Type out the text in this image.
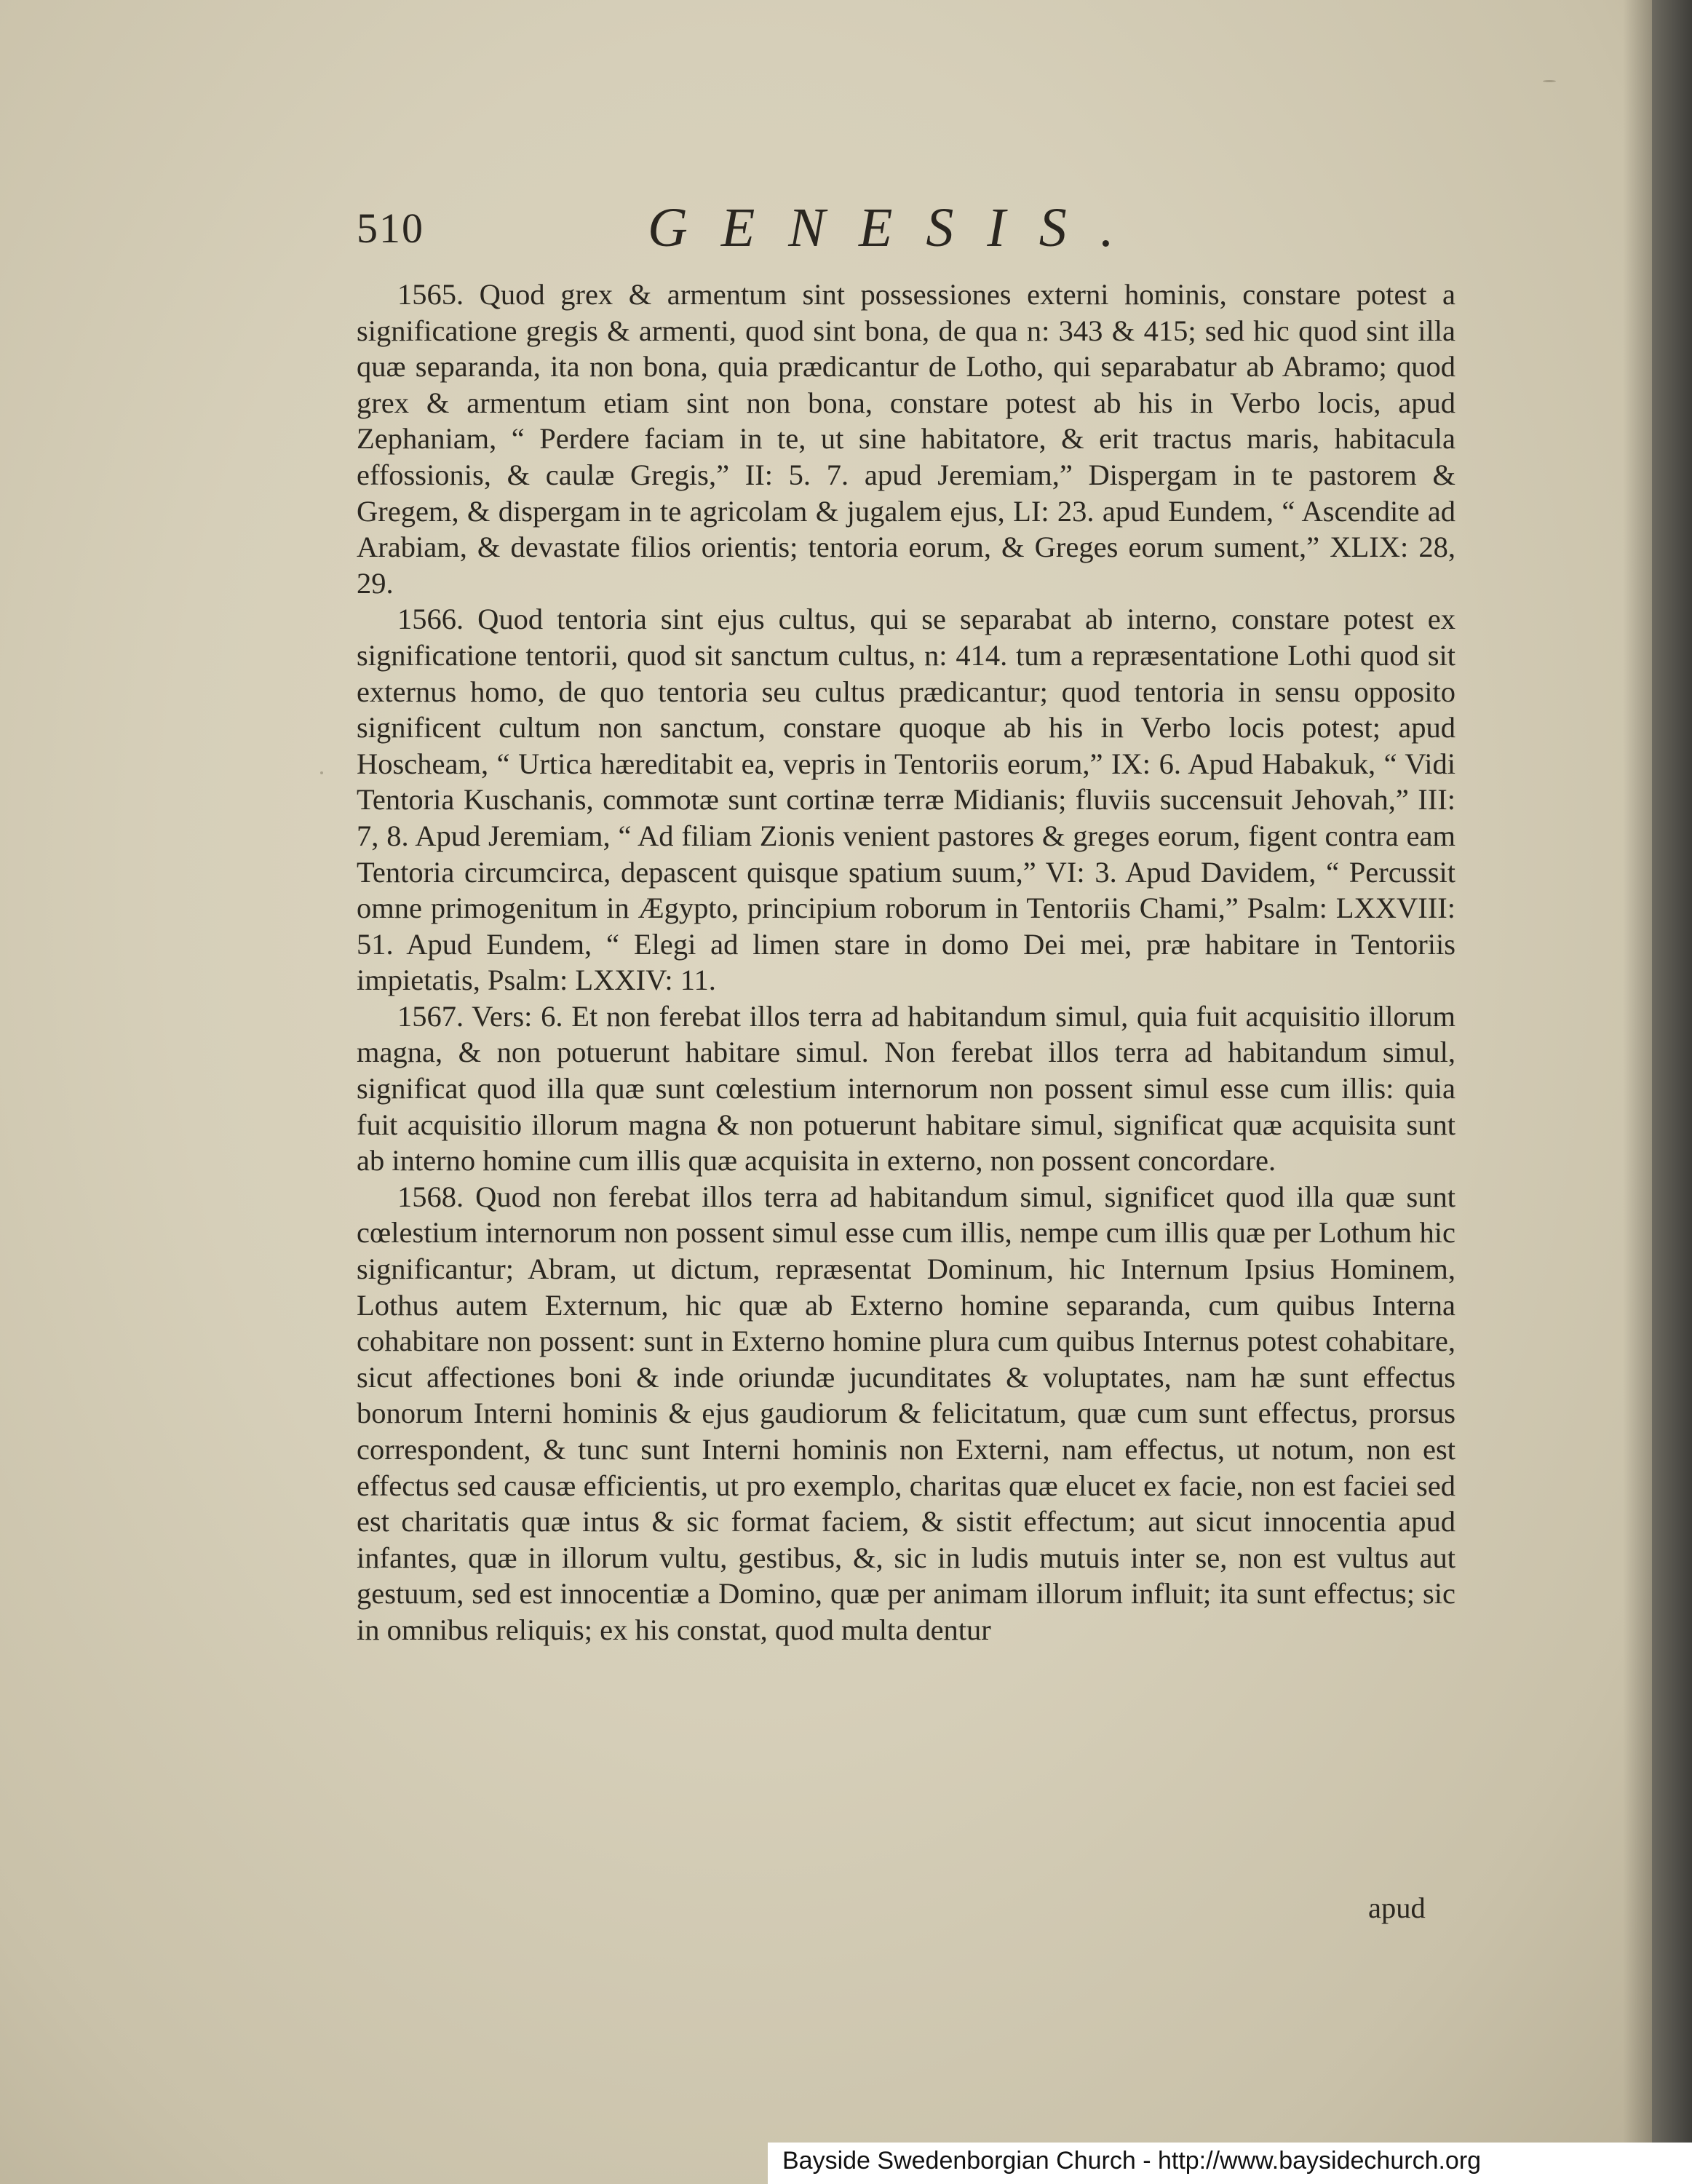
510	GENESIS.

1565. Quod grex & armentum sint possessiones externi hominis, constare potest a significatione gregis & armenti, quod sint bona, de qua n: 343 & 415; sed hic quod sint illa quæ separanda, ita non bona, quia prædicantur de Lotho, qui separabatur ab Abramo; quod grex & armentum etiam sint non bona, constare potest ab his in Verbo locis, apud Zephaniam, “ Perdere faciam in te, ut sine habitatore, & erit tractus maris, habitacula effossionis, & caulæ Gregis,” II: 5. 7. apud Jeremiam,” Dispergam in te pastorem & Gregem, & dispergam in te agricolam & jugalem ejus, LI: 23. apud Eundem, “ Ascendite ad Arabiam, & devastate filios orientis; tentoria eorum, & Greges eorum sument,” XLIX: 28, 29.

1566. Quod tentoria sint ejus cultus, qui se separabat ab interno, constare potest ex significatione tentorii, quod sit sanctum cultus, n: 414. tum a repræsentatione Lothi quod sit externus homo, de quo tentoria seu cultus prædicantur; quod tentoria in sensu opposito significent cultum non sanctum, constare quoque ab his in Verbo locis potest; apud Hoscheam, “ Urtica hæreditabit ea, vepris in Tentoriis eorum,” IX: 6. Apud Habakuk, “ Vidi Tentoria Kuschanis, commotæ sunt cortinæ terræ Midianis; fluviis succensuit Jehovah,” III: 7, 8. Apud Jeremiam, “ Ad filiam Zionis venient pastores & greges eorum, figent contra eam Tentoria circumcirca, depascent quisque spatium suum,” VI: 3. Apud Davidem, “ Percussit omne primogenitum in Ægypto, principium roborum in Tentoriis Chami,” Psalm: LXXVIII: 51. Apud Eundem, “ Elegi ad limen stare in domo Dei mei, præ habitare in Tentoriis impietatis, Psalm: LXXIV: 11.

1567. Vers: 6. Et non ferebat illos terra ad habitandum simul, quia fuit acquisitio illorum magna, & non potuerunt habitare simul. Non ferebat illos terra ad habitandum simul, significat quod illa quæ sunt cœlestium internorum non possent simul esse cum illis: quia fuit acquisitio illorum magna & non potuerunt habitare simul, significat quæ acquisita sunt ab interno homine cum illis quæ acquisita in externo, non possent concordare.

1568. Quod non ferebat illos terra ad habitandum simul, significet quod illa quæ sunt cœlestium internorum non possent simul esse cum illis, nempe cum illis quæ per Lothum hic significantur; Abram, ut dictum, repræsentat Dominum, hic Internum Ipsius Hominem, Lothus autem Externum, hic quæ ab Externo homine separanda, cum quibus Interna cohabitare non possent: sunt in Externo homine plura cum quibus Internus potest cohabitare, sicut affectiones boni & inde oriundæ jucunditates & voluptates, nam hæ sunt effectus bonorum Interni hominis & ejus gaudiorum & felicitatum, quæ cum sunt effectus, prorsus correspondent, & tunc sunt Interni hominis non Externi, nam effectus, ut notum, non est effectus sed causæ efficientis, ut pro exemplo, charitas quæ elucet ex facie, non est faciei sed est charitatis quæ intus & sic format faciem, & sistit effectum; aut sicut innocentia apud infantes, quæ in illorum vultu, gestibus, &, sic in ludis mutuis inter se, non est vultus aut gestuum, sed est innocentiæ a Domino, quæ per animam illorum influit; ita sunt effectus; sic in omnibus reliquis; ex his constat, quod multa dentur

apud
Bayside Swedenborgian Church - http://www.baysidechurch.org
